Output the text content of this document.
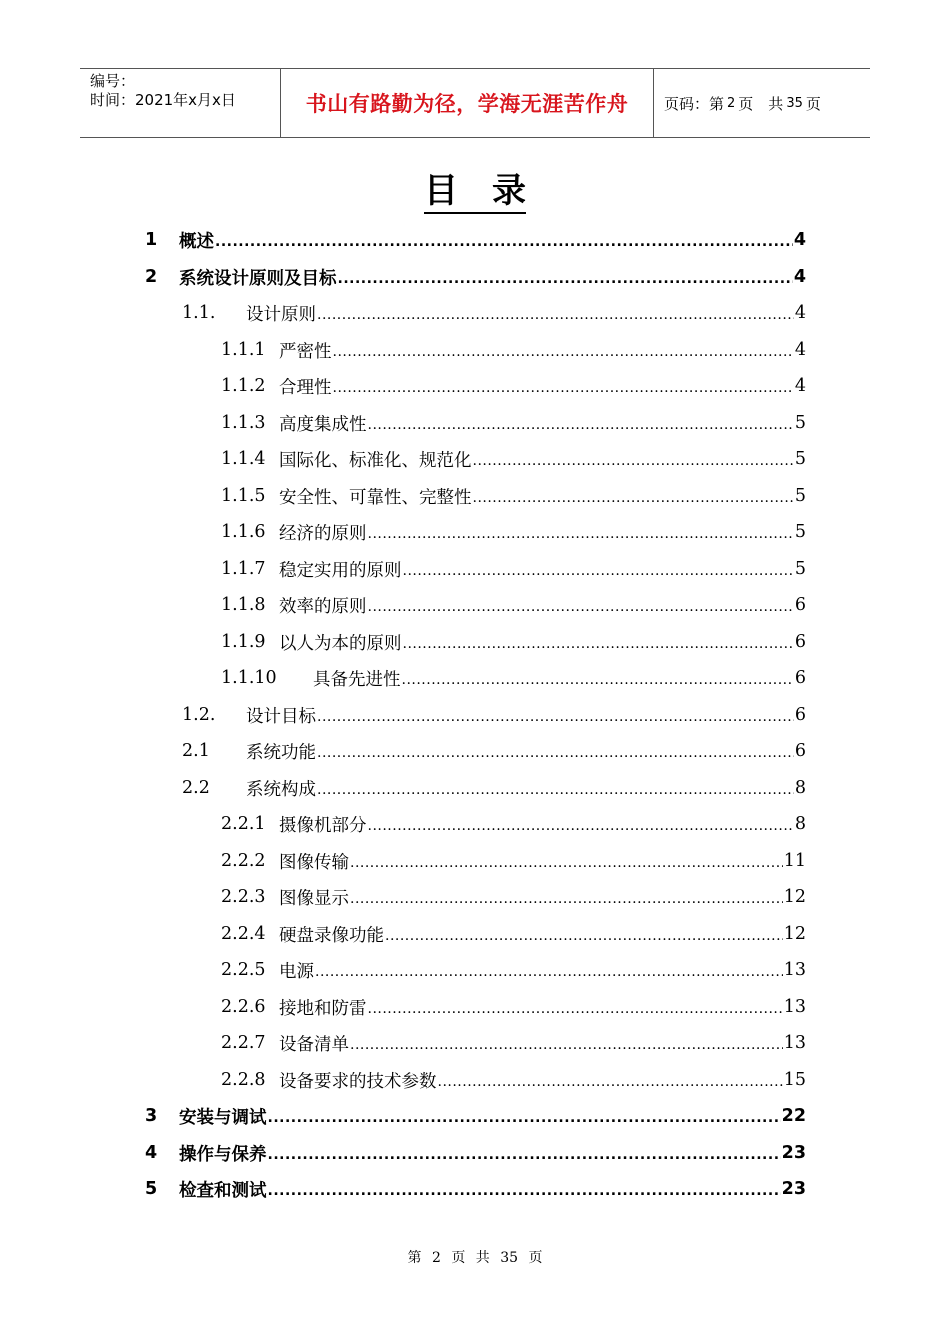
编号：
时间：2021年x月x日	书山有路勤为径，学海无涯苦作舟	页码：第 2 页　共 35 页
目　录
1	概述 .....	4
2	系统设计原则及目标 .....	4
1.1.	设计原则 .....	4
1.1.1 严密性 .....	4
1.1.2 合理性 .....	4
1.1.3 高度集成性 .....	5
1.1.4 国际化、标准化、规范化 .....	5
1.1.5 安全性、可靠性、完整性 .....	5
1.1.6 经济的原则 .....	5
1.1.7 稳定实用的原则 .....	5
1.1.8 效率的原则 .....	6
1.1.9 以人为本的原则 .....	6
1.1.10	具备先进性 .....	6
1.2.	设计目标 .....	6
2.1	系统功能 .....	6
2.2	系统构成 .....	8
2.2.1 摄像机部分 .....	8
2.2.2 图像传输 .....	11
2.2.3 图像显示 .....	12
2.2.4 硬盘录像功能 .....	12
2.2.5 电源 .....	13
2.2.6 接地和防雷 .....	13
2.2.7 设备清单 .....	13
2.2.8 设备要求的技术参数 .....	15
3	安装与调试 .....	22
4	操作与保养 .....	23
5	检查和测试 .....	23
第 2 页 共 35 页
